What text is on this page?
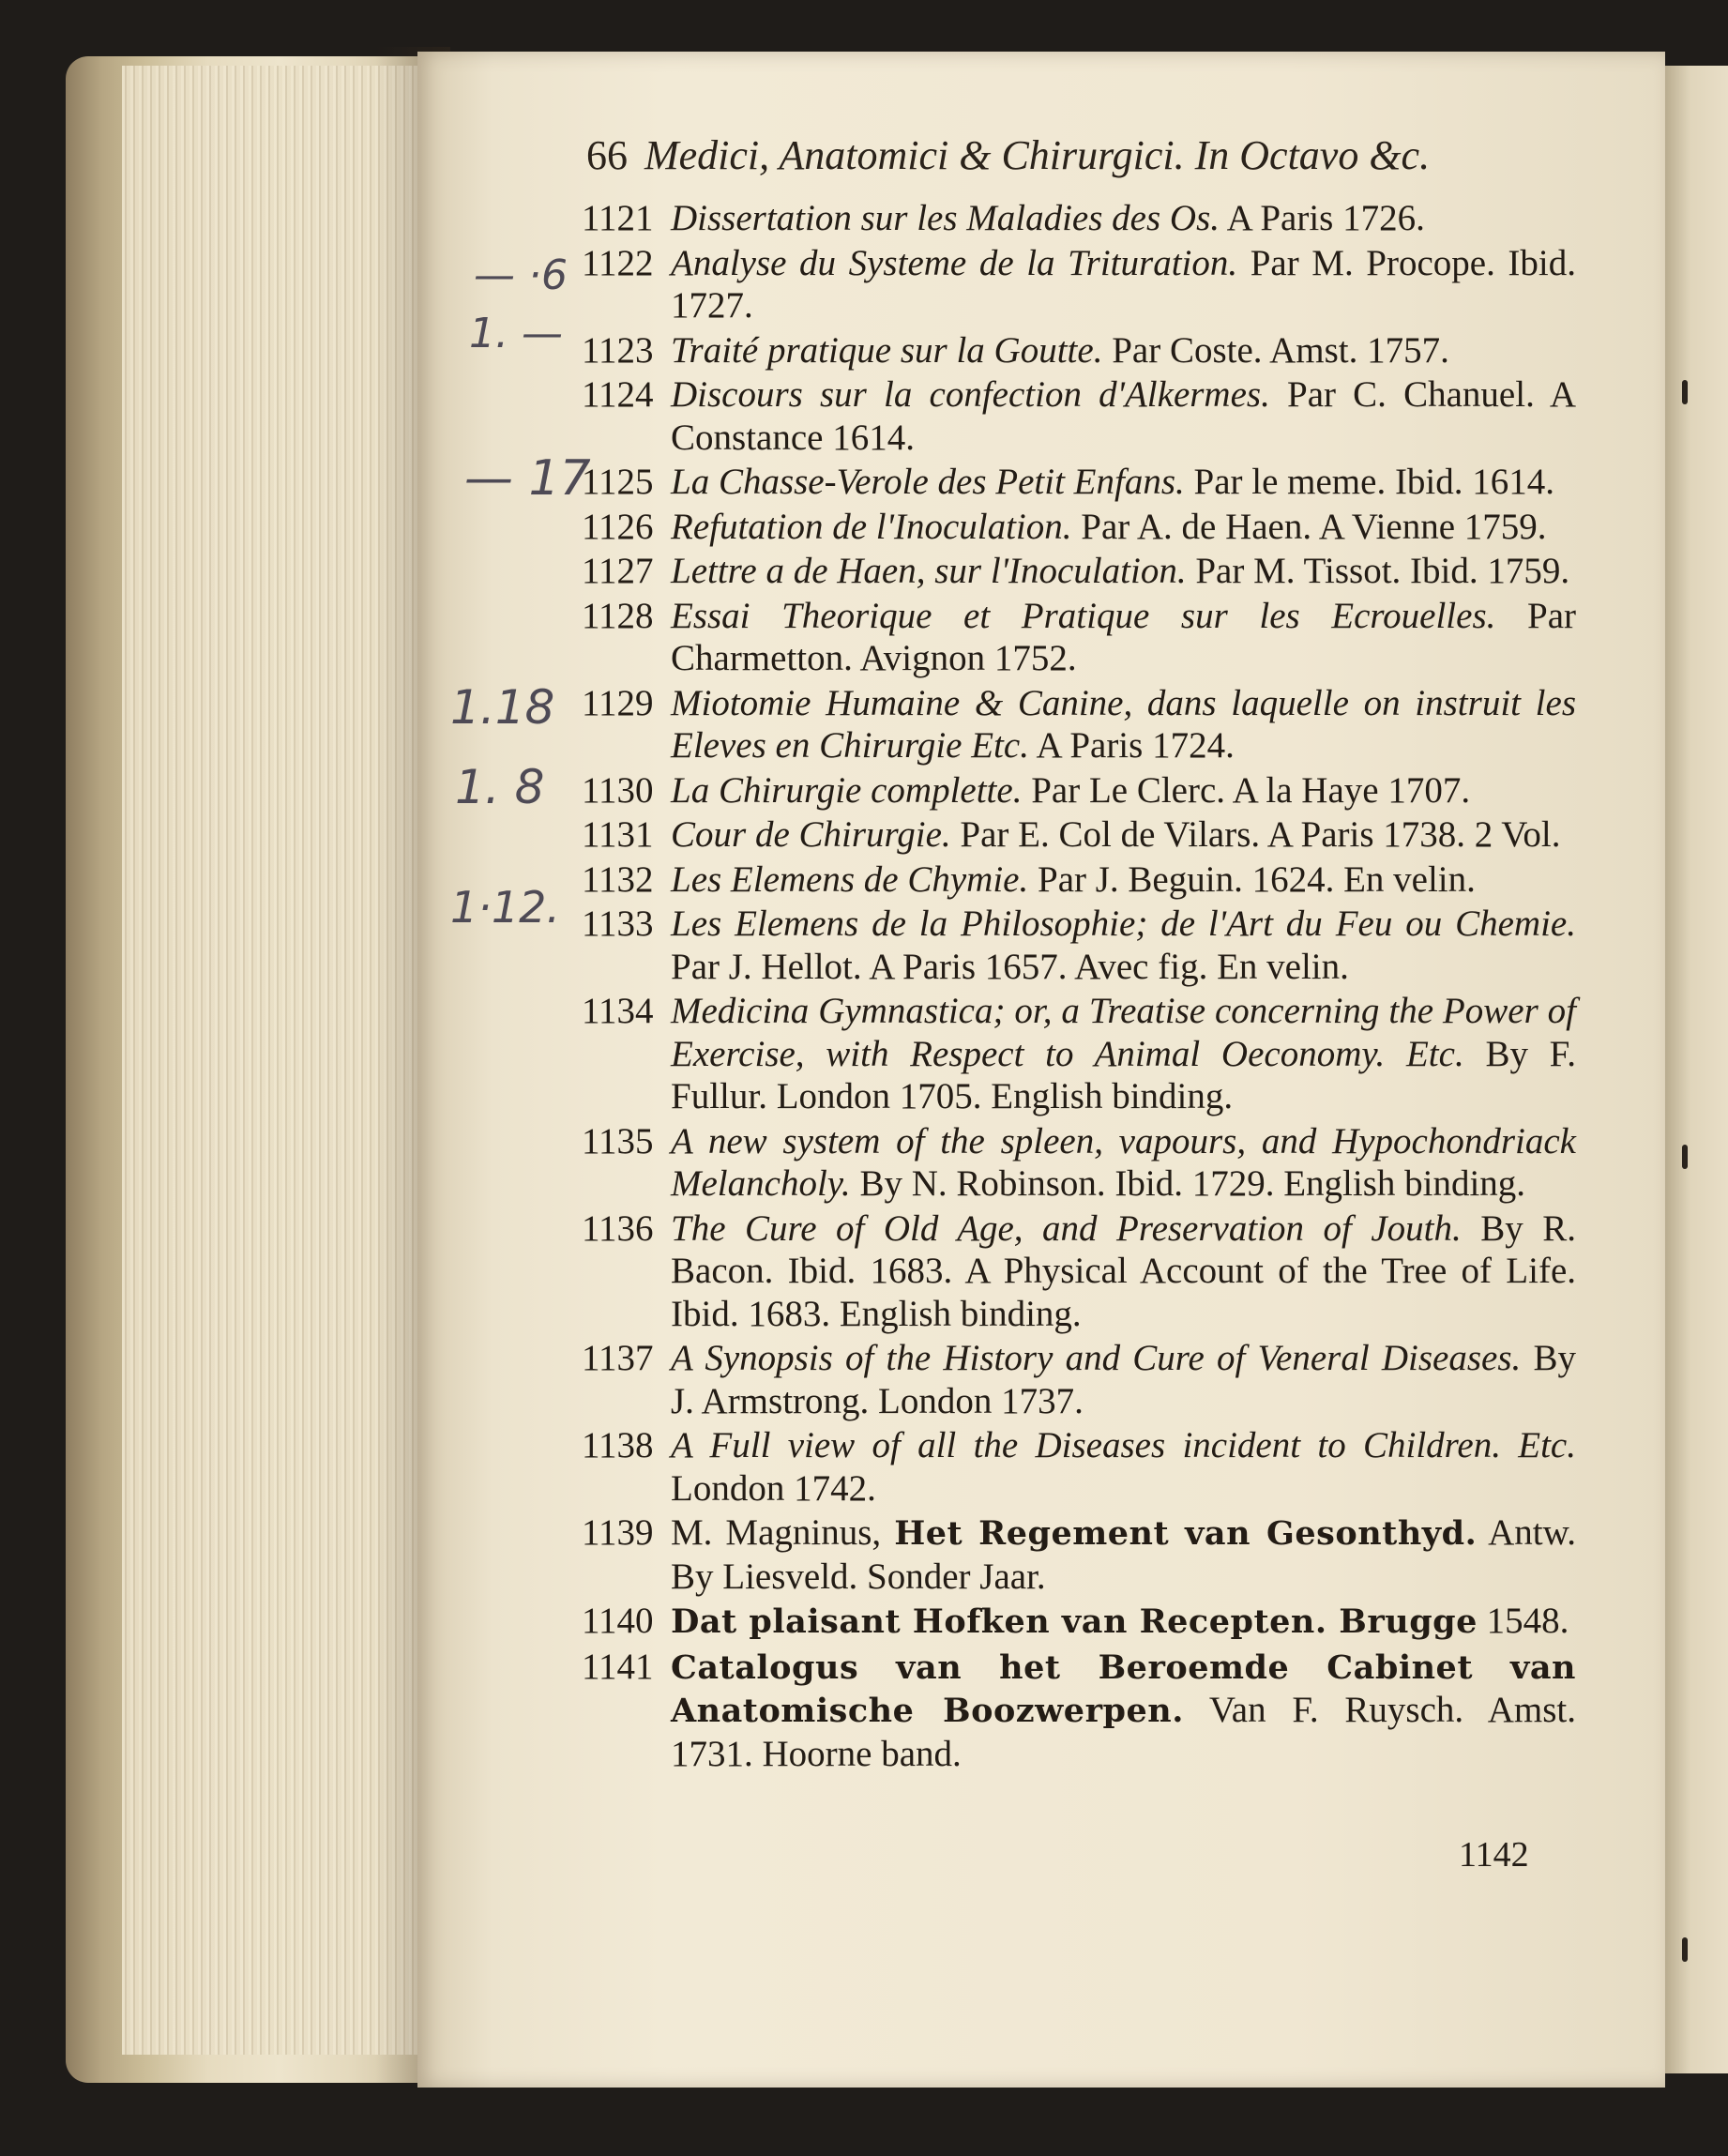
66 Medici, Anatomici & Chirurgici. In Octavo &c.
1121 Dissertation sur les Maladies des Os. A Paris 1726.
1122 Analyse du Systeme de la Trituration. Par M. Procope. Ibid. 1727.
1123 Traité pratique sur la Goutte. Par Coste. Amst. 1757.
1124 Discours sur la confection d'Alkermes. Par C. Chanuel. A Constance 1614.
1125 La Chasse-Verole des Petit Enfans. Par le meme. Ibid. 1614.
1126 Refutation de l'Inoculation. Par A. de Haen. A Vienne 1759.
1127 Lettre a de Haen, sur l'Inoculation. Par M. Tissot. Ibid. 1759.
1128 Essai Theorique et Pratique sur les Ecrouelles. Par Charmetton. Avignon 1752.
1129 Miotomie Humaine & Canine, dans laquelle on instruit les Eleves en Chirurgie Etc. A Paris 1724.
1130 La Chirurgie complette. Par Le Clerc. A la Haye 1707.
1131 Cour de Chirurgie. Par E. Col de Vilars. A Paris 1738. 2 Vol.
1132 Les Elemens de Chymie. Par J. Beguin. 1624. En velin.
1133 Les Elemens de la Philosophie; de l'Art du Feu ou Chemie. Par J. Hellot. A Paris 1657. Avec fig. En velin.
1134 Medicina Gymnastica; or, a Treatise concerning the Power of Exercise, with Respect to Animal Oeconomy. Etc. By F. Fullur. London 1705. English binding.
1135 A new system of the spleen, vapours, and Hypochondriack Melancholy. By N. Robinson. Ibid. 1729. English binding.
1136 The Cure of Old Age, and Preservation of Jouth. By R. Bacon. Ibid. 1683. A Physical Account of the Tree of Life. Ibid. 1683. English binding.
1137 A Synopsis of the History and Cure of Veneral Diseases. By J. Armstrong. London 1737.
1138 A Full view of all the Diseases incident to Children. Etc. London 1742.
1139 M. Magninus, Het Regement van Gesonthyd. Antw. By Liesveld. Sonder Jaar.
1140 Dat plaisant Hofken van Recepten. Brugge 1548.
1141 Catalogus van het Beroemde Cabinet van Anatomische Boozwerpen. Van F. Ruysch. Amst. 1731. Hoorne band.
1142
— ·6
1. —
— 17
1.18
1. 8
1·12.
